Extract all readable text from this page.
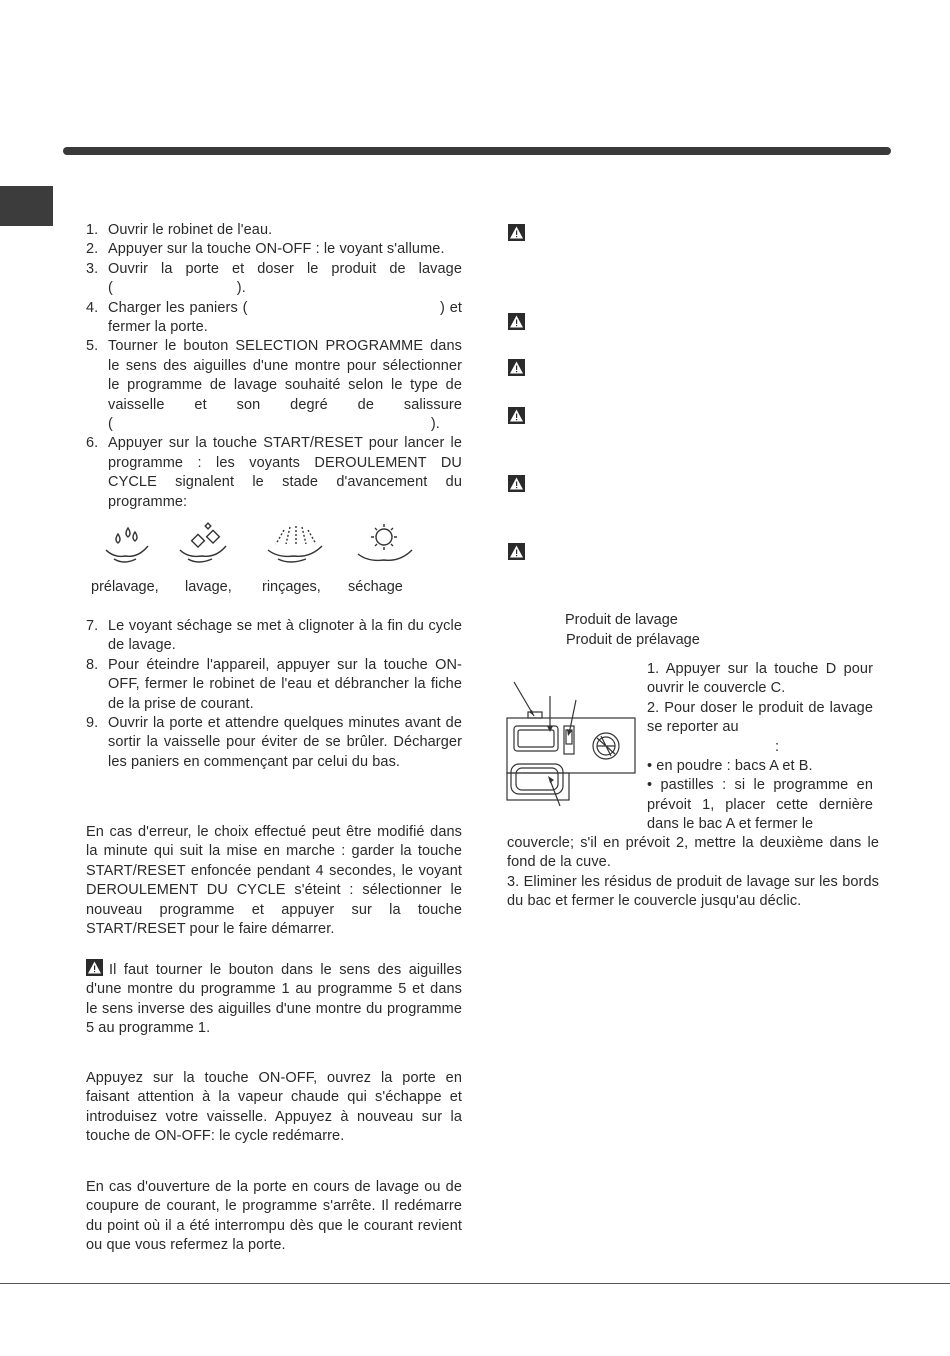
1. Ouvrir le robinet de l'eau.
2. Appuyer sur la touche ON-OFF : le voyant s'allume.
3. Ouvrir la porte et doser le produit de lavage (                              ).
4. Charger les paniers (                                        ) et fermer la porte.
5. Tourner le bouton SELECTION PROGRAMME dans le sens des aiguilles d'une montre pour sélectionner le programme de lavage souhaité selon le type de vaisselle et son degré de salissure (                                                                             ).
6. Appuyer sur la touche START/RESET pour lancer le programme : les voyants DEROULEMENT DU CYCLE signalent le stade d'avancement du programme:
prélavage, lavage, rinçages, séchage
7. Le voyant séchage se met à clignoter à la fin du cycle de lavage.
8. Pour éteindre l'appareil, appuyer sur la touche ON-OFF, fermer le robinet de l'eau et débrancher la fiche de la prise de courant.
9. Ouvrir la porte et attendre quelques minutes avant de sortir la vaisselle pour éviter de se brûler. Décharger les paniers en commençant par celui du bas.
En cas d'erreur, le choix effectué peut être modifié dans la minute qui suit la mise en marche : garder la touche START/RESET enfoncée pendant 4 secondes, le voyant DEROULEMENT DU CYCLE s'éteint : sélectionner le nouveau programme et appuyer sur la touche START/RESET pour le faire démarrer.
Il faut tourner le bouton dans le sens des aiguilles d'une montre du programme 1 au programme 5 et dans le sens inverse des aiguilles d'une montre du programme 5 au programme 1.
Appuyez sur la touche ON-OFF, ouvrez la porte en faisant attention à la vapeur chaude qui s'échappe et introduisez votre vaisselle. Appuyez à nouveau sur la touche de ON-OFF: le cycle redémarre.
En cas d'ouverture de la porte en cours de lavage ou de coupure de courant, le programme s'arrête. Il redémarre du point où il a été interrompu dès que le courant revient ou que vous refermez la porte.
Produit de lavage
Produit de prélavage
1. Appuyer sur la touche D pour ouvrir le couvercle C.
2. Pour doser le produit de lavage se reporter au
:
• en poudre : bacs A et B.
• pastilles : si le programme en prévoit 1, placer cette dernière dans le bac A et fermer le
couvercle; s'il en prévoit 2, mettre la deuxième dans le fond de la cuve.
3. Eliminer les résidus de produit de lavage sur les bords du bac et fermer le couvercle jusqu'au déclic.
